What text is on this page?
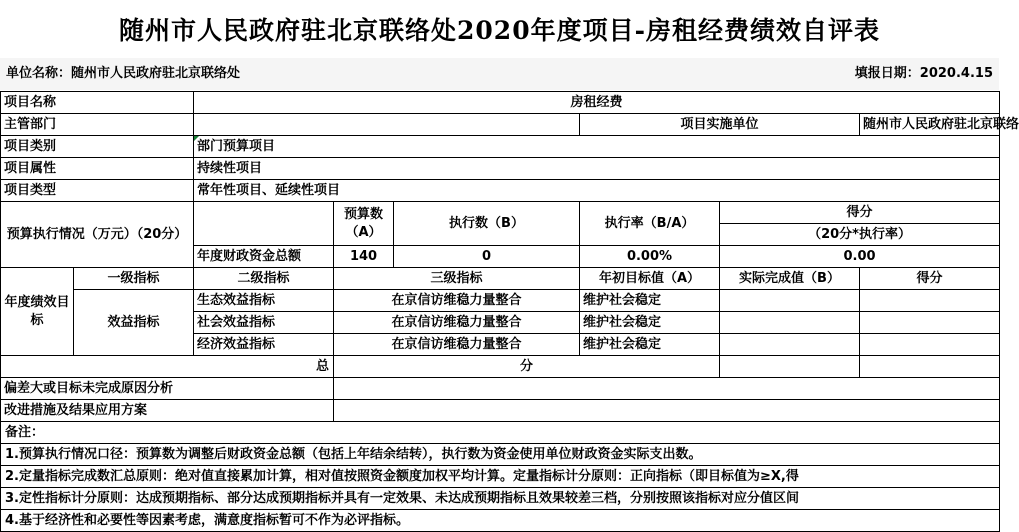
随州市人民政府驻北京联络处2020年度项目-房租经费绩效自评表
单位名称：随州市人民政府驻北京联络处	填报日期：2020.4.15
项目名称		房租经费					
主管部门					项目实施单位		随州市人民政府驻北京联络
项目类别		部门预算项目					
项目属性		持续性项目					
项目类型		常年性项目、延续性项目					
预算执行情况（万元）（20分）			预算数（A）	执行数（B）	执行率（B/A）	得分	
						（20分*执行率）	
		年度财政资金总额	140	0	0.00%	0.00	
年度绩效目标	一级指标	二级指标	三级指标		年初目标值（A）	实际完成值（B）	得分
	效益指标	生态效益指标	在京信访维稳力量整合		维护社会稳定		
		社会效益指标	在京信访维稳力量整合		维护社会稳定		
		经济效益指标	在京信访维稳力量整合		维护社会稳定		
总			分				
偏差大或目标未完成原因分析							
改进措施及结果应用方案							
备注：							
1.预算执行情况口径：预算数为调整后财政资金总额（包括上年结余结转），执行数为资金使用单位财政资金实际支出数。							
2.定量指标完成数汇总原则：绝对值直接累加计算，相对值按照资金额度加权平均计算。定量指标计分原则：正向指标（即目标值为≥X,得							
3.定性指标计分原则：达成预期指标、部分达成预期指标并具有一定效果、未达成预期指标且效果较差三档，分别按照该指标对应分值区间							
4.基于经济性和必要性等因素考虑，满意度指标暂可不作为必评指标。							
